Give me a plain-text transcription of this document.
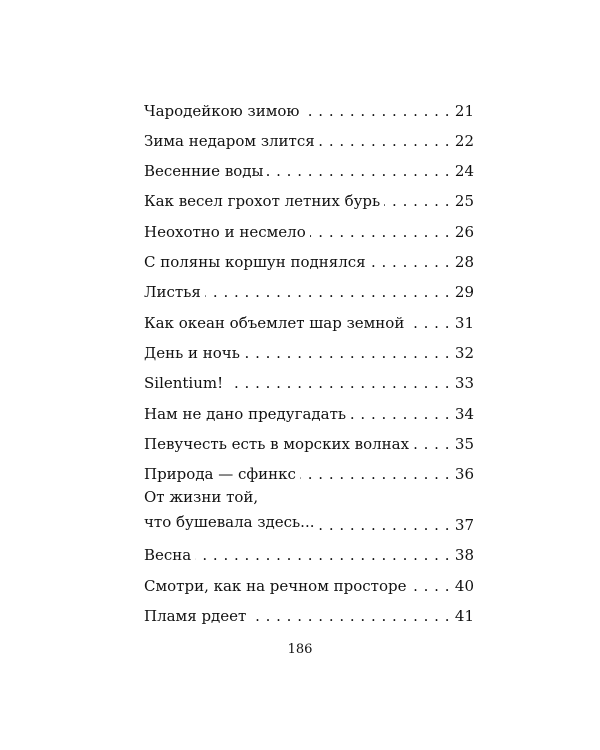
Чародейкою зимою . . .	21
Зима недаром злится . . .	22
Весенние воды . . .	24
Как весел грохот летних бурь . . .	25
Неохотно и несмело . . .	26
С поляны коршун поднялся . . .	28
Листья . . .	29
Как океан объемлет шар земной . . .	31
День и ночь . . .	32
Silentium! . . .	33
Нам не дано предугадать . . .	34
Певучесть есть в морских волнах . . .	35
Природа — сфинкс . . .	36
От жизни той,
что бушевала здесь... . . .	37
Весна . . .	38
Смотри, как на речном просторе . . .	40
Пламя рдеет . . .	41
186
